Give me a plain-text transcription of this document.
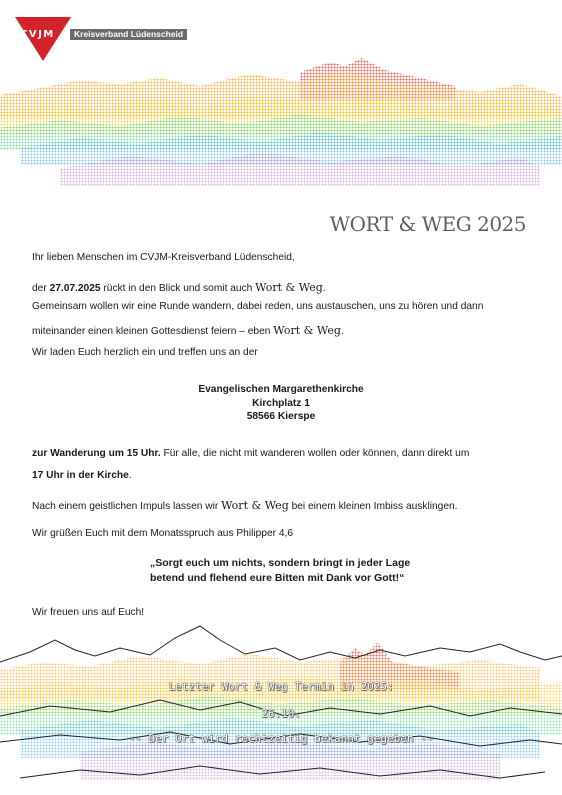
CVJM	Kreisverband Lüdenscheid
WORT & WEG 2025
Ihr lieben Menschen im CVJM-Kreisverband Lüdenscheid,
der 27.07.2025 rückt in den Blick und somit auch Wort & Weg.
Gemeinsam wollen wir eine Runde wandern, dabei reden, uns austauschen, uns zu hören und dann
miteinander einen kleinen Gottesdienst feiern – eben Wort & Weg.
Wir laden Euch herzlich ein und treffen uns an der
Evangelischen Margarethenkirche
Kirchplatz 1
58566 Kierspe
zur Wanderung um 15 Uhr. Für alle, die nicht mit wanderen wollen oder können, dann direkt um
17 Uhr in der Kirche.
Nach einem geistlichen Impuls lassen wir Wort & Weg bei einem kleinen Imbiss ausklingen.
Wir grüßen Euch mit dem Monatsspruch aus Philipper 4,6
„Sorgt euch um nichts, sondern bringt in jeder Lage
betend und flehend eure Bitten mit Dank vor Gott!“
Wir freuen uns auf Euch!
Letzter Wort & Weg Termin in 2025:
26.10.
-- Der Ort wird rechtzeitig bekannt gegeben --
